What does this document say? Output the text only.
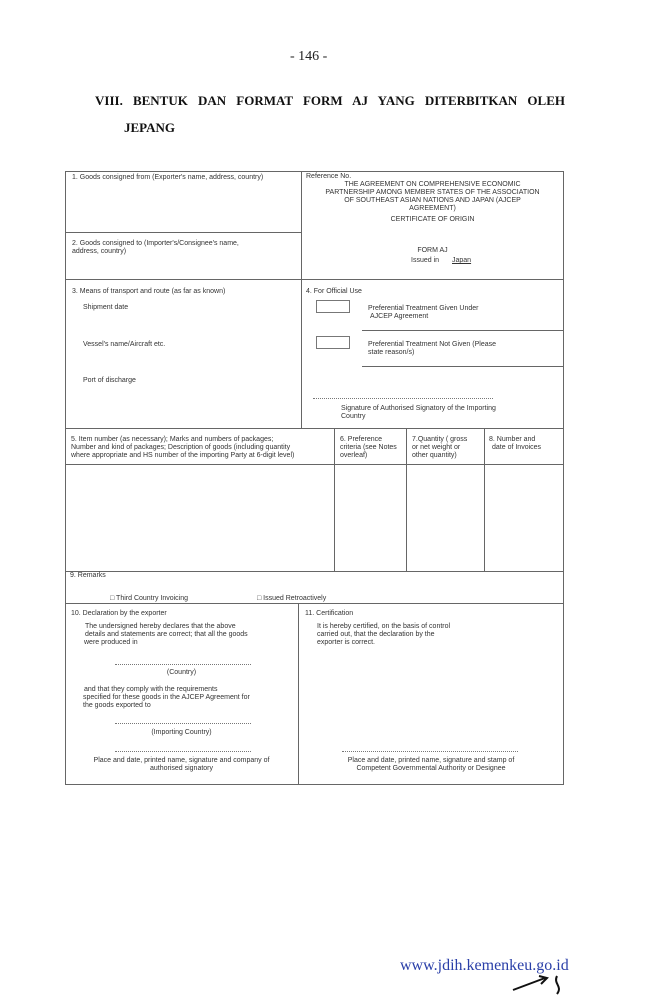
- 146 -
VIII. BENTUK DAN FORMAT FORM AJ YANG DITERBITKAN OLEH
JEPANG
1. Goods consigned from (Exporter's name, address, country)
2. Goods consigned to (Importer's/Consignee's name,
address, country)
Reference No.
THE AGREEMENT ON COMPREHENSIVE ECONOMIC
PARTNERSHIP AMONG MEMBER STATES OF THE ASSOCIATION
OF SOUTHEAST ASIAN NATIONS AND JAPAN (AJCEP
AGREEMENT)
CERTIFICATE OF ORIGIN
FORM AJ
Issued in Japan
3. Means of transport and route (as far as known)
Shipment date
Vessel's name/Aircraft etc.
Port of discharge
4. For Official Use
Preferential Treatment Given Under
AJCEP Agreement
Preferential Treatment Not Given (Please
state reason/s)
Signature of Authorised Signatory of the Importing
Country
5. Item number (as necessary); Marks and numbers of packages;
Number and kind of packages; Description of goods (including quantity
where appropriate and HS number of the importing Party at 6-digit level)
6. Preference
criteria (see Notes
overleaf)
7.Quantity ( gross
or net weight or
other quantity)
8. Number and
date of Invoices
9. Remarks
□ Third Country Invoicing	□ Issued Retroactively
10. Declaration by the exporter
The undersigned hereby declares that the above
details and statements are correct; that all the goods
were produced in
(Country)
and that they comply with the requirements
specified for these goods in the AJCEP Agreement for
the goods exported to
(Importing Country)
Place and date, printed name, signature and company of
authorised signatory
11. Certification
It is hereby certified, on the basis of control
carried out, that the declaration by the
exporter is correct.
Place and date, printed name, signature and stamp of
Competent Governmental Authority or Designee
www.jdih.kemenkeu.go.id
